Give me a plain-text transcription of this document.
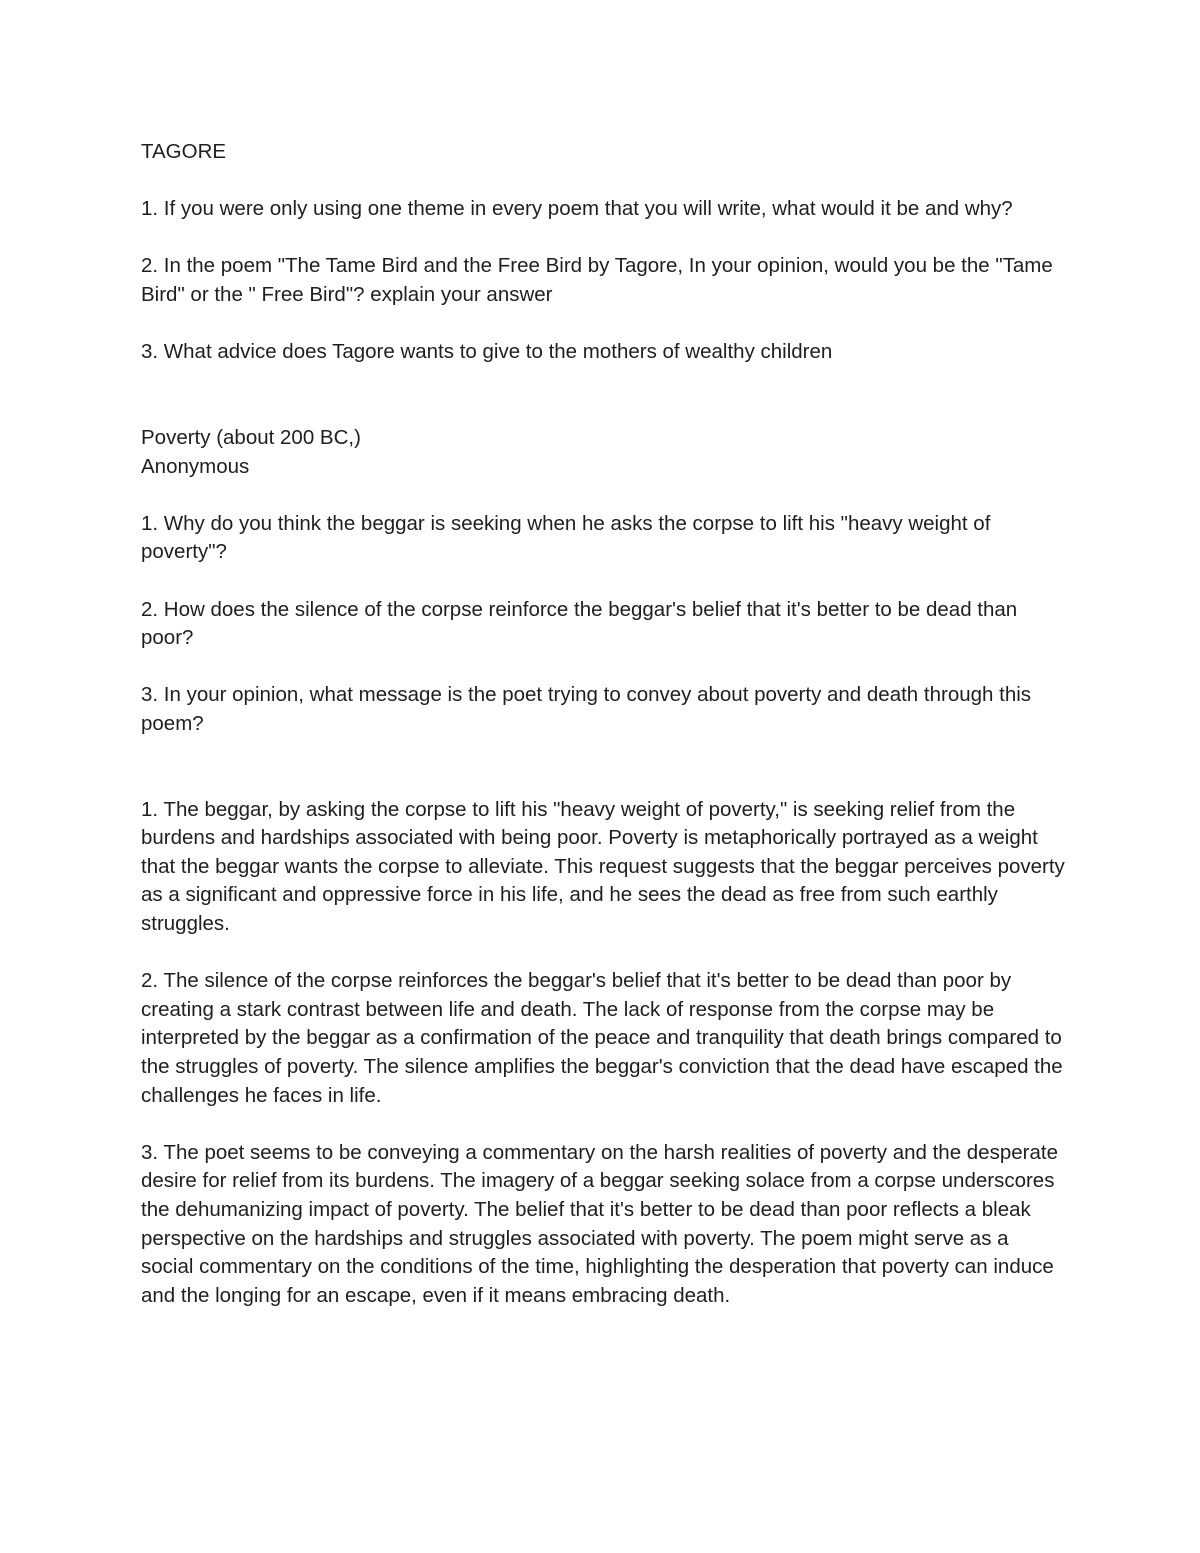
TAGORE

1. If you were only using one theme in every poem that you will write, what would it be and why?

2. In the poem "The Tame Bird and the Free Bird by Tagore, In your opinion, would you be the "Tame Bird" or the " Free Bird"? explain your answer

3. What advice does Tagore wants to give to the mothers of wealthy children

Poverty (about 200 BC,)

Anonymous

1. Why do you think the beggar is seeking when he asks the corpse to lift his "heavy weight of poverty"?

2. How does the silence of the corpse reinforce the beggar's belief that it's better to be dead than poor?

3. In your opinion, what message is the poet trying to convey about poverty and death through this poem?

1. The beggar, by asking the corpse to lift his "heavy weight of poverty," is seeking relief from the burdens and hardships associated with being poor. Poverty is metaphorically portrayed as a weight that the beggar wants the corpse to alleviate. This request suggests that the beggar perceives poverty as a significant and oppressive force in his life, and he sees the dead as free from such earthly struggles.

2. The silence of the corpse reinforces the beggar's belief that it's better to be dead than poor by creating a stark contrast between life and death. The lack of response from the corpse may be interpreted by the beggar as a confirmation of the peace and tranquility that death brings compared to the struggles of poverty. The silence amplifies the beggar's conviction that the dead have escaped the challenges he faces in life.

3. The poet seems to be conveying a commentary on the harsh realities of poverty and the desperate desire for relief from its burdens. The imagery of a beggar seeking solace from a corpse underscores the dehumanizing impact of poverty. The belief that it's better to be dead than poor reflects a bleak perspective on the hardships and struggles associated with poverty. The poem might serve as a social commentary on the conditions of the time, highlighting the desperation that poverty can induce and the longing for an escape, even if it means embracing death.
